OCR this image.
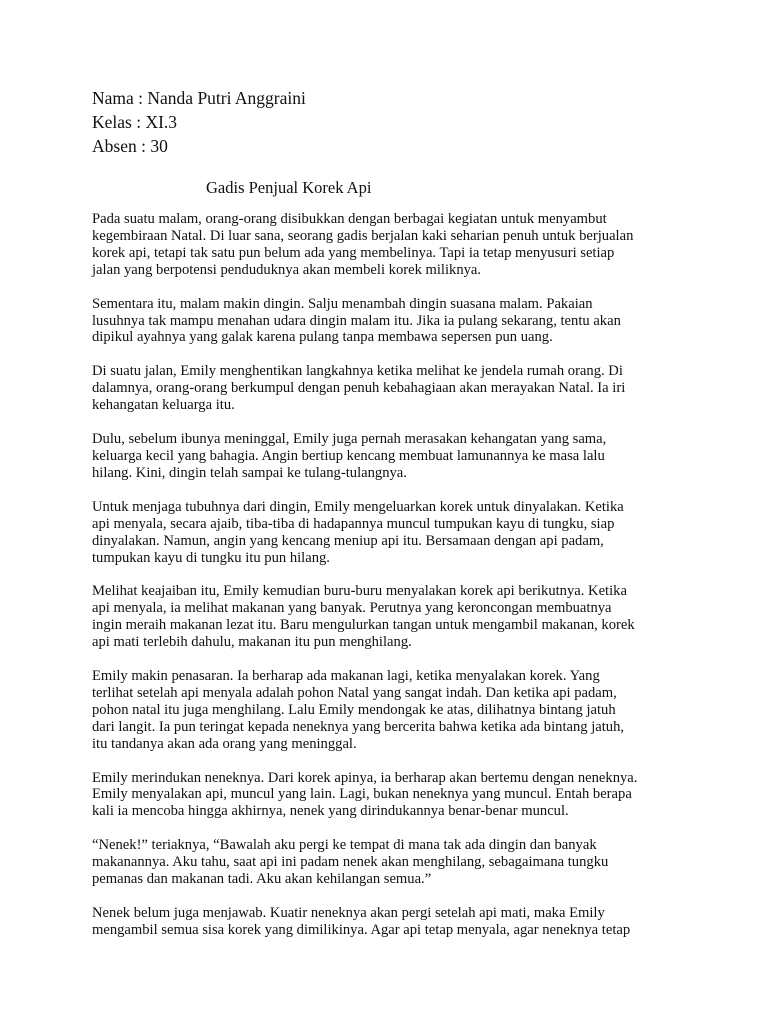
Nama : Nanda Putri Anggraini
Kelas : XI.3
Absen : 30
Gadis Penjual Korek Api

Pada suatu malam, orang-orang disibukkan dengan berbagai kegiatan untuk menyambut
kegembiraan Natal. Di luar sana, seorang gadis berjalan kaki seharian penuh untuk berjualan
korek api, tetapi tak satu pun belum ada yang membelinya. Tapi ia tetap menyusuri setiap
jalan yang berpotensi penduduknya akan membeli korek miliknya.

Sementara itu, malam makin dingin. Salju menambah dingin suasana malam. Pakaian
lusuhnya tak mampu menahan udara dingin malam itu. Jika ia pulang sekarang, tentu akan
dipikul ayahnya yang galak karena pulang tanpa membawa sepersen pun uang.

Di suatu jalan, Emily menghentikan langkahnya ketika melihat ke jendela rumah orang. Di
dalamnya, orang-orang berkumpul dengan penuh kebahagiaan akan merayakan Natal. Ia iri
kehangatan keluarga itu.

Dulu, sebelum ibunya meninggal, Emily juga pernah merasakan kehangatan yang sama,
keluarga kecil yang bahagia. Angin bertiup kencang membuat lamunannya ke masa lalu
hilang. Kini, dingin telah sampai ke tulang-tulangnya.

Untuk menjaga tubuhnya dari dingin, Emily mengeluarkan korek untuk dinyalakan. Ketika
api menyala, secara ajaib, tiba-tiba di hadapannya muncul tumpukan kayu di tungku, siap
dinyalakan. Namun, angin yang kencang meniup api itu. Bersamaan dengan api padam,
tumpukan kayu di tungku itu pun hilang.

Melihat keajaiban itu, Emily kemudian buru-buru menyalakan korek api berikutnya. Ketika
api menyala, ia melihat makanan yang banyak. Perutnya yang keroncongan membuatnya
ingin meraih makanan lezat itu. Baru mengulurkan tangan untuk mengambil makanan, korek
api mati terlebih dahulu, makanan itu pun menghilang.

Emily makin penasaran. Ia berharap ada makanan lagi, ketika menyalakan korek. Yang
terlihat setelah api menyala adalah pohon Natal yang sangat indah. Dan ketika api padam,
pohon natal itu juga menghilang. Lalu Emily mendongak ke atas, dilihatnya bintang jatuh
dari langit. Ia pun teringat kepada neneknya yang bercerita bahwa ketika ada bintang jatuh,
itu tandanya akan ada orang yang meninggal.

Emily merindukan neneknya. Dari korek apinya, ia berharap akan bertemu dengan neneknya.
Emily menyalakan api, muncul yang lain. Lagi, bukan neneknya yang muncul. Entah berapa
kali ia mencoba hingga akhirnya, nenek yang dirindukannya benar-benar muncul.

“Nenek!” teriaknya, “Bawalah aku pergi ke tempat di mana tak ada dingin dan banyak
makanannya. Aku tahu, saat api ini padam nenek akan menghilang, sebagaimana tungku
pemanas dan makanan tadi. Aku akan kehilangan semua.”

Nenek belum juga menjawab. Kuatir neneknya akan pergi setelah api mati, maka Emily
mengambil semua sisa korek yang dimilikinya. Agar api tetap menyala, agar neneknya tetap
